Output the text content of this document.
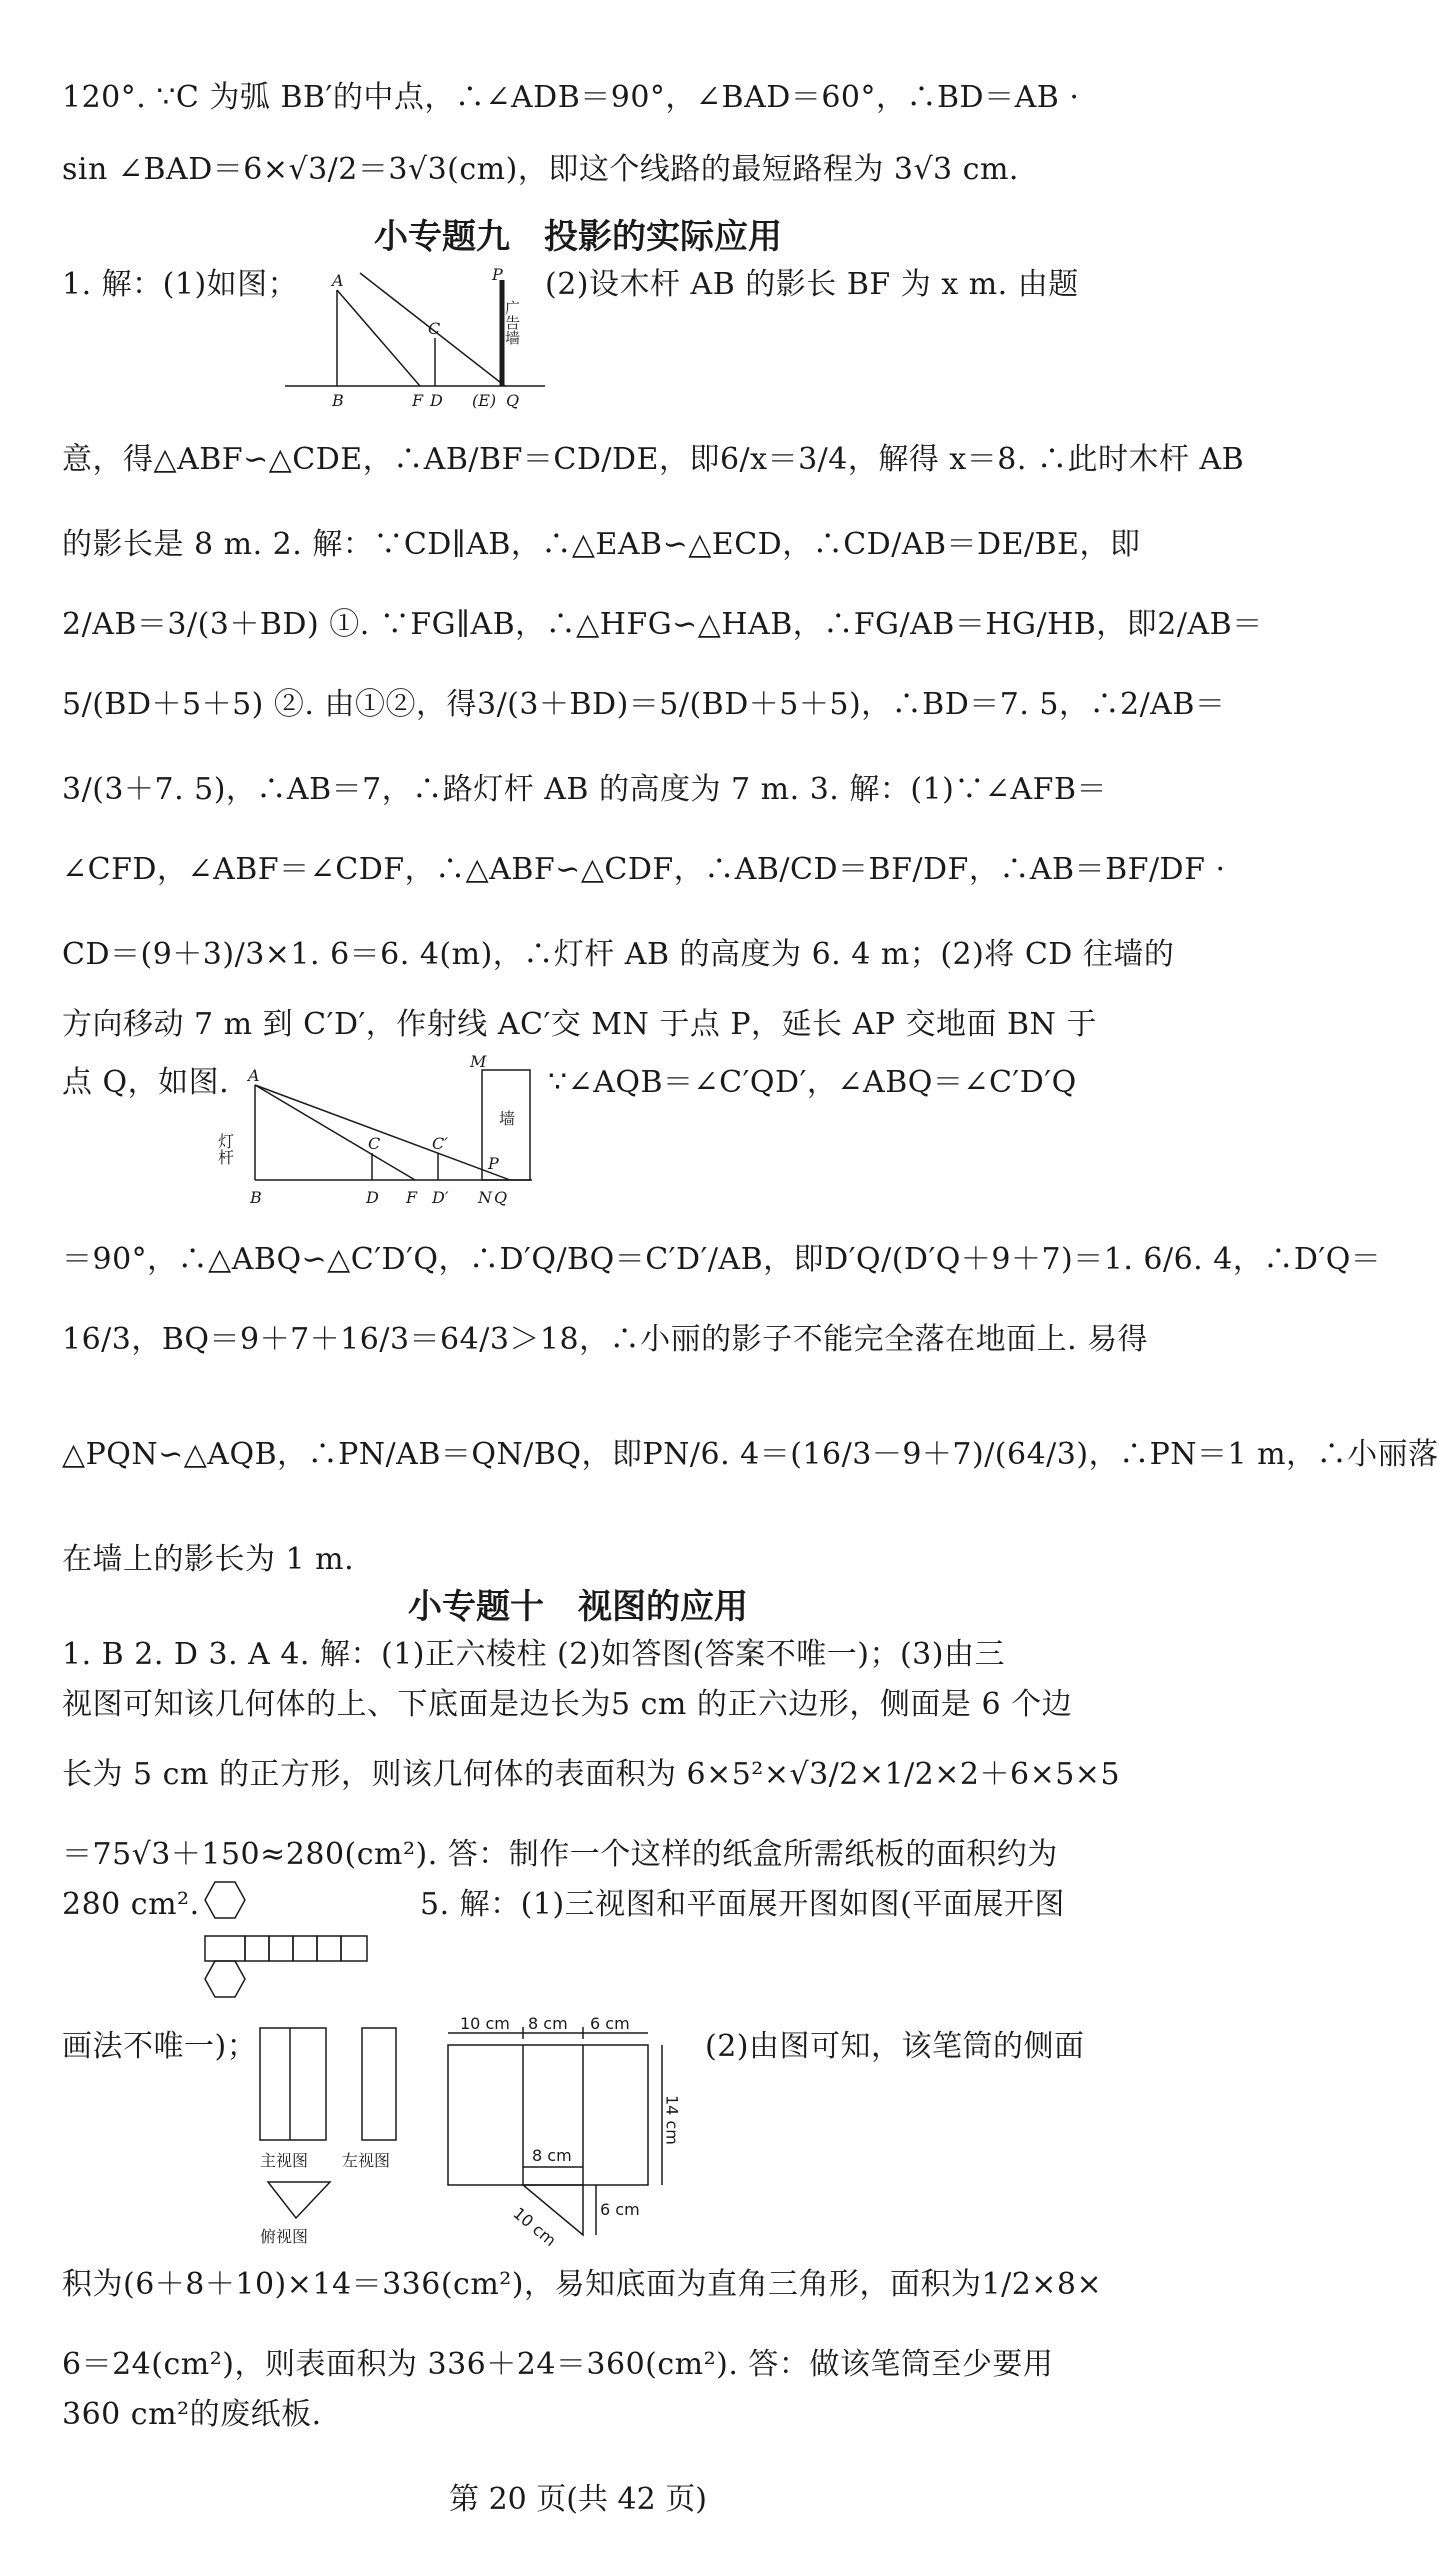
120°. ∵C 为弧 BB′的中点，∴∠ADB＝90°，∠BAD＝60°，∴BD＝AB ·
sin ∠BAD＝6×√3/2＝3√3(cm)，即这个线路的最短路程为 3√3 cm.
小专题九　投影的实际应用
1. 解：(1)如图；	(2)设木杆 AB 的影长 BF 为 x m. 由题
A
B
C
D
F	(E) Q
P
广告墙
意，得△ABF∽△CDE，∴AB/BF＝CD/DE，即6/x＝3/4，解得 x＝8. ∴此时木杆 AB
的影长是 8 m. 2. 解：∵CD∥AB，∴△EAB∽△ECD，∴CD/AB＝DE/BE，即
2/AB＝3/(3＋BD) ①. ∵FG∥AB，∴△HFG∽△HAB，∴FG/AB＝HG/HB，即2/AB＝
5/(BD＋5＋5) ②. 由①②，得3/(3＋BD)＝5/(BD＋5＋5)，∴BD＝7. 5，∴2/AB＝
3/(3＋7. 5)，∴AB＝7，∴路灯杆 AB 的高度为 7 m. 3. 解：(1)∵∠AFB＝
∠CFD，∠ABF＝∠CDF，∴△ABF∽△CDF，∴AB/CD＝BF/DF，∴AB＝BF/DF ·
CD＝(9＋3)/3×1. 6＝6. 4(m)，∴灯杆 AB 的高度为 6. 4 m；(2)将 CD 往墙的
方向移动 7 m 到 C′D′，作射线 AC′交 MN 于点 P，延长 AP 交地面 BN 于
点 Q，如图.	∵∠AQB＝∠C′QD′，∠ABQ＝∠C′D′Q
A
B
C
D F
C′
D′ N Q
M
P
灯杆
墙
＝90°，∴△ABQ∽△C′D′Q，∴D′Q/BQ＝C′D′/AB，即D′Q/(D′Q＋9＋7)＝1. 6/6. 4，∴D′Q＝
16/3，BQ＝9＋7＋16/3＝64/3＞18，∴小丽的影子不能完全落在地面上. 易得
△PQN∽△AQB，∴PN/AB＝QN/BQ，即PN/6. 4＝(16/3－9＋7)/(64/3)，∴PN＝1 m，∴小丽落
在墙上的影长为 1 m.
小专题十　视图的应用
1. B 2. D 3. A 4. 解：(1)正六棱柱 (2)如答图(答案不唯一)；(3)由三
视图可知该几何体的上、下底面是边长为5 cm 的正六边形，侧面是 6 个边
长为 5 cm 的正方形，则该几何体的表面积为 6×5²×√3/2×1/2×2＋6×5×5
＝75√3＋150≈280(cm²). 答：制作一个这样的纸盒所需纸板的面积约为
280 cm².	5. 解：(1)三视图和平面展开图如图(平面展开图
画法不唯一)；	(2)由图可知，该笔筒的侧面
主视图 左视图
俯视图
10 cm 8 cm 6 cm
14 cm
8 cm
6 cm
10 cm
积为(6＋8＋10)×14＝336(cm²)，易知底面为直角三角形，面积为1/2×8×
6＝24(cm²)，则表面积为 336＋24＝360(cm²). 答：做该笔筒至少要用
360 cm²的废纸板.
第 20 页(共 42 页)
